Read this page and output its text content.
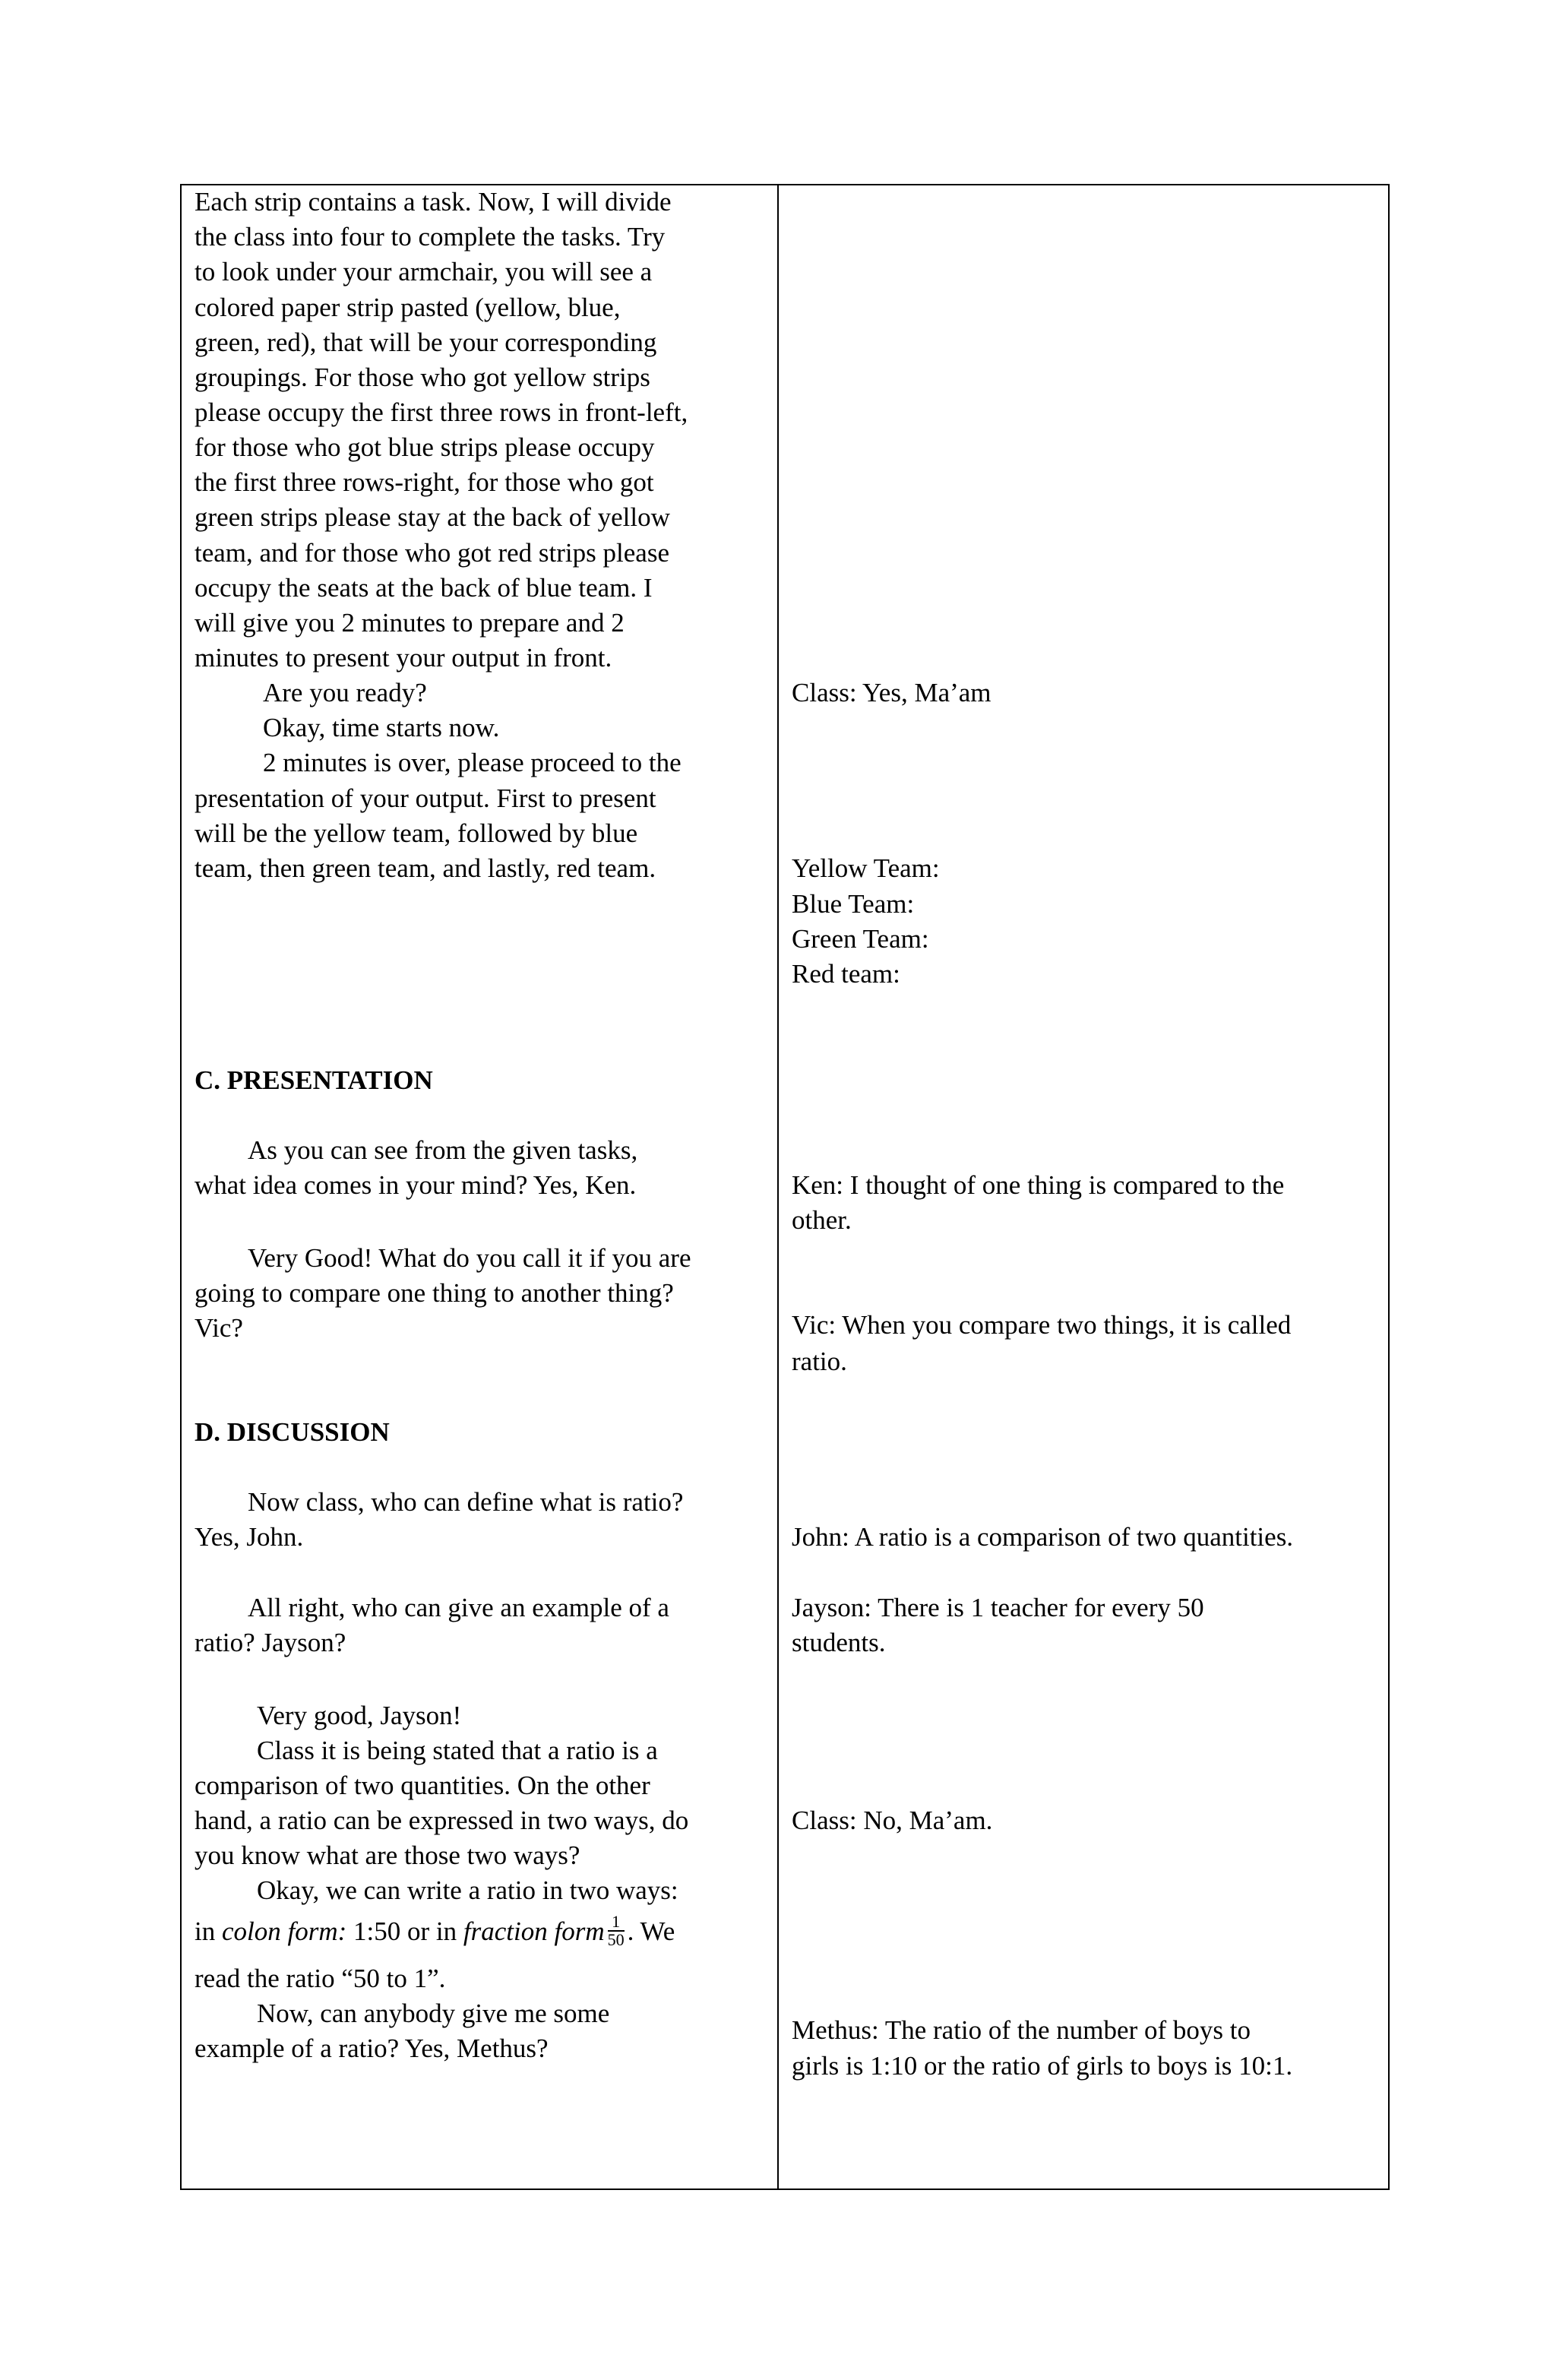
Each strip contains a task. Now, I will divide
the class into four to complete the tasks. Try
to look under your armchair, you will see a
colored paper strip pasted (yellow, blue,
green, red), that will be your corresponding
groupings. For those who got yellow strips
please occupy the first three rows in front-left,
for those who got blue strips please occupy
the first three rows-right, for those who got
green strips please stay at the back of yellow
team, and for those who got red strips please
occupy the seats at the back of blue team. I
will give you 2 minutes to prepare and 2
minutes to present your output in front.
Are you ready?
Okay, time starts now.
2 minutes is over, please proceed to the
presentation of your output. First to present
will be the yellow team, followed by blue
team, then green team, and lastly, red team.
C. PRESENTATION
As you can see from the given tasks,
what idea comes in your mind? Yes, Ken.
Very Good! What do you call it if you are
going to compare one thing to another thing?
Vic?
D. DISCUSSION
Now class, who can define what is ratio?
Yes, John.
All right, who can give an example of a
ratio? Jayson?
Very good, Jayson!
Class it is being stated that a ratio is a
comparison of two quantities. On the other
hand, a ratio can be expressed in two ways, do
you know what are those two ways?
Okay, we can write a ratio in two ways:
in colon form: 1:50 or in fraction form $\frac{1}{50}$ . We
read the ratio “50 to 1”.
Now, can anybody give me some
example of a ratio? Yes, Methus?
Class: Yes, Ma’am
Yellow Team:
Blue Team:
Green Team:
Red team:
Ken: I thought of one thing is compared to the
other.
Vic: When you compare two things, it is called
ratio.
John: A ratio is a comparison of two quantities.
Jayson: There is 1 teacher for every 50
students.
Class: No, Ma’am.
Methus: The ratio of the number of boys to
girls is 1:10 or the ratio of girls to boys is 10:1.
